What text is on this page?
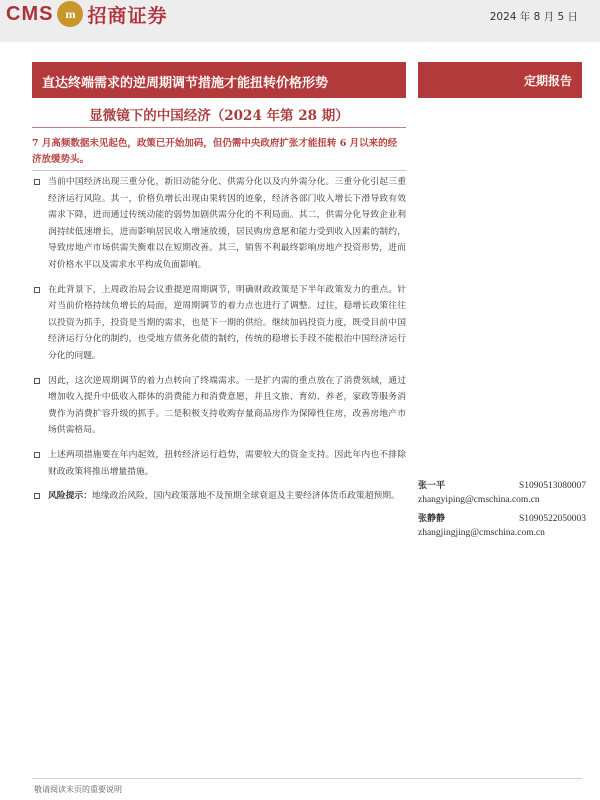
CMS	m 招商证券	2024 年 8 月 5 日
直达终端需求的逆周期调节措施才能扭转价格形势
显微镜下的中国经济（2024 年第 28 期）
定期报告
7 月高频数据未见起色，政策已开始加码，但仍需中央政府扩张才能扭转 6 月以来的经济放缓势头。
当前中国经济出现三重分化，新旧动能分化、供需分化以及内外需分化。三重分化引起三重经济运行风险。其一，价格负增长出现由果转因的迹象，经济各部门收入增长下滑导致有效需求下降，进而通过传统动能的弱势加剧供需分化的不利局面。其二，供需分化导致企业利润持续低速增长，进而影响居民收入增速放缓，居民购房意愿和能力受到收入因素的制约，导致房地产市场供需失衡难以在短期改善。其三，销售不利最终影响房地产投资形势，进而对价格水平以及需求水平构成负面影响。
在此背景下，上周政治局会议重提逆周期调节，明确财政政策是下半年政策发力的重点。针对当前价格持续负增长的局面，逆周期调节的着力点也进行了调整。过往，稳增长政策往往以投资为抓手，投资是当期的需求，也是下一期的供给。继续加码投资力度，既受目前中国经济运行分化的制约，也受地方债务化债的制约，传统的稳增长手段不能根治中国经济运行分化的问题。
因此，这次逆周期调节的着力点转向了终端需求。一是扩内需的重点放在了消费领域，通过增加收入提升中低收入群体的消费能力和消费意愿，并且文旅、育幼、养老，家政等服务消费作为消费扩容升级的抓手。二是积极支持收购存量商品房作为保障性住房，改善房地产市场供需格局。
上述两项措施要在年内起效，扭转经济运行趋势，需要较大的资金支持。因此年内也不排除财政政策将推出增量措施。
风险提示：地缘政治风险，国内政策落地不及预期全球衰退及主要经济体货币政策超预期。
张一平	S1090513080007
zhangyiping@cmschina.com.cn
张静静	S1090522050003
zhangjingjing@cmschina.com.cn
敬请阅读末页的重要说明
